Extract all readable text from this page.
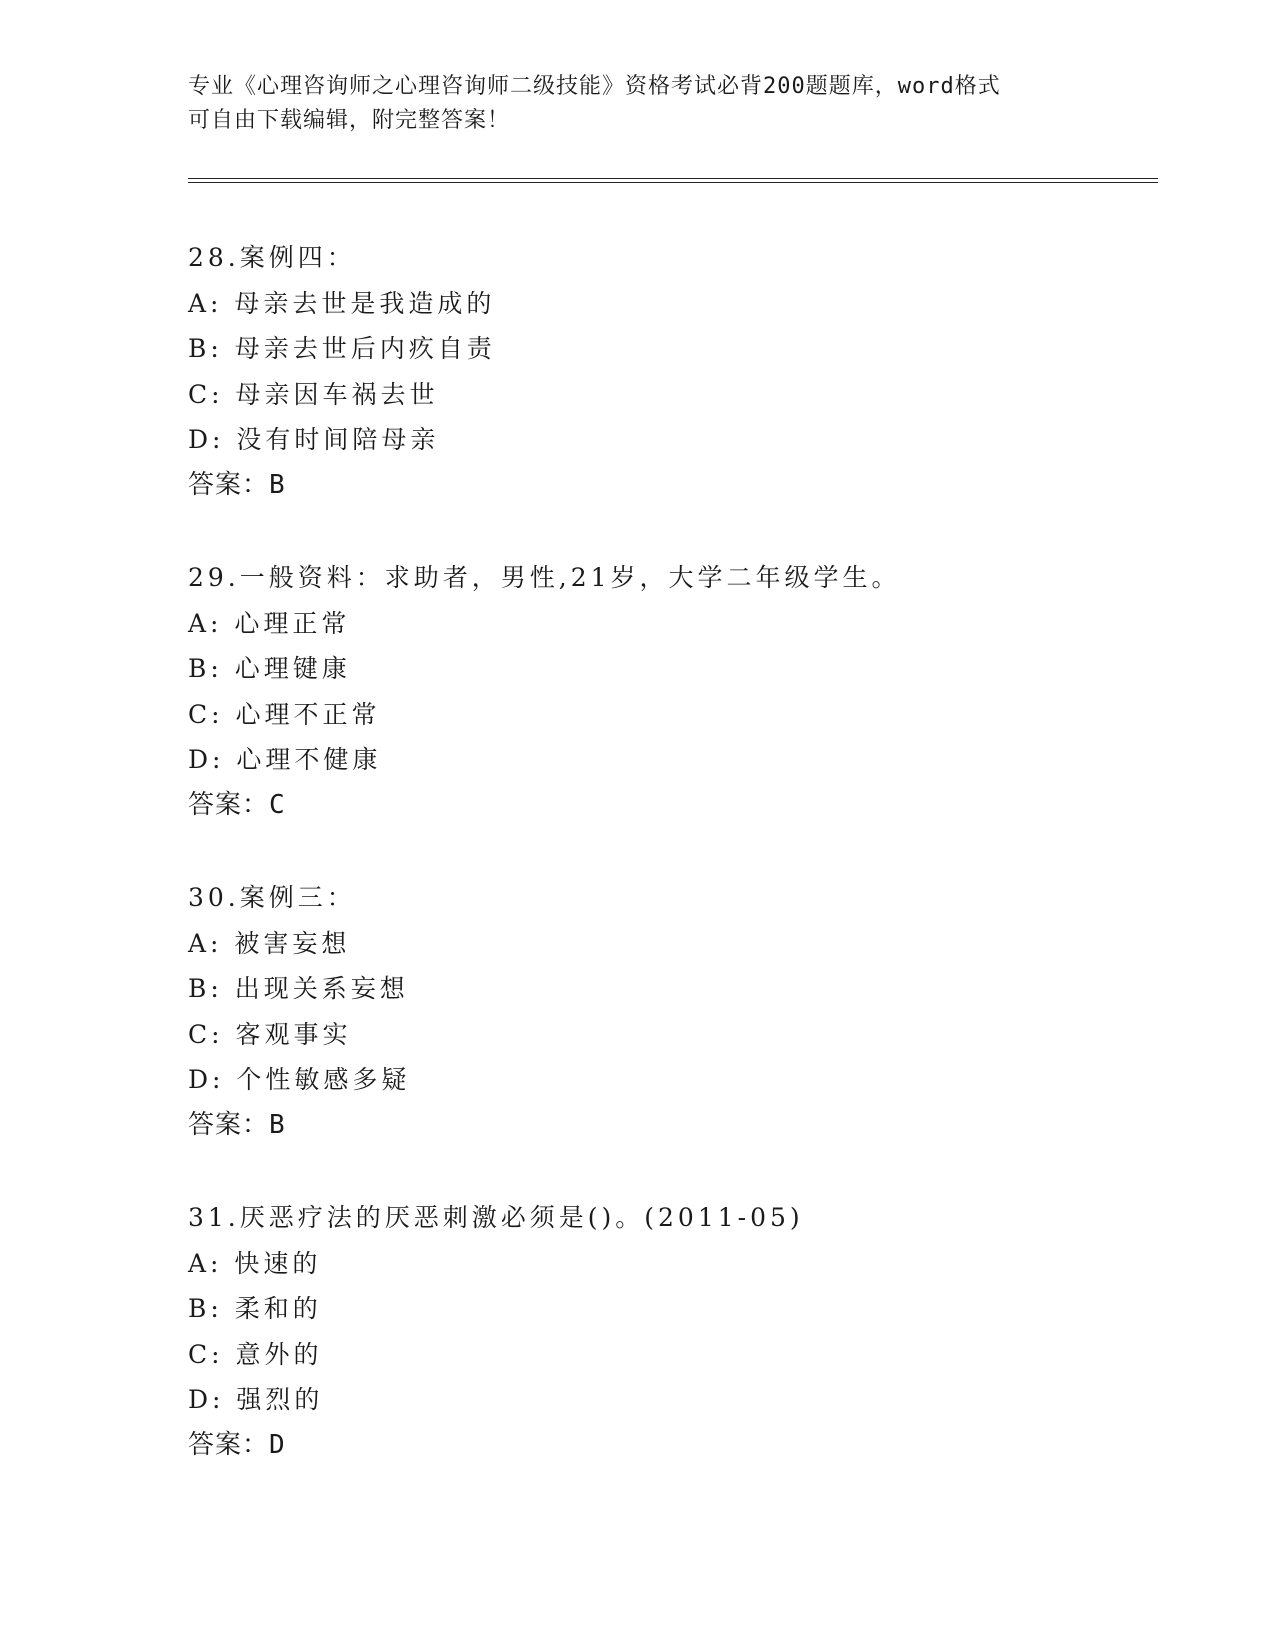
专业《心理咨询师之心理咨询师二级技能》资格考试必背200题题库，word格式
可自由下载编辑，附完整答案！
28.案例四：
A: 母亲去世是我造成的
B: 母亲去世后内疚自责
C: 母亲因车祸去世
D: 没有时间陪母亲
答案：B
29.一般资料：求助者，男性,21岁，大学二年级学生。
A: 心理正常
B: 心理键康
C: 心理不正常
D: 心理不健康
答案：C
30.案例三：
A: 被害妄想
B: 出现关系妄想
C: 客观事实
D: 个性敏感多疑
答案：B
31.厌恶疗法的厌恶刺激必须是()。(2011-05)
A: 快速的
B: 柔和的
C: 意外的
D: 强烈的
答案：D
